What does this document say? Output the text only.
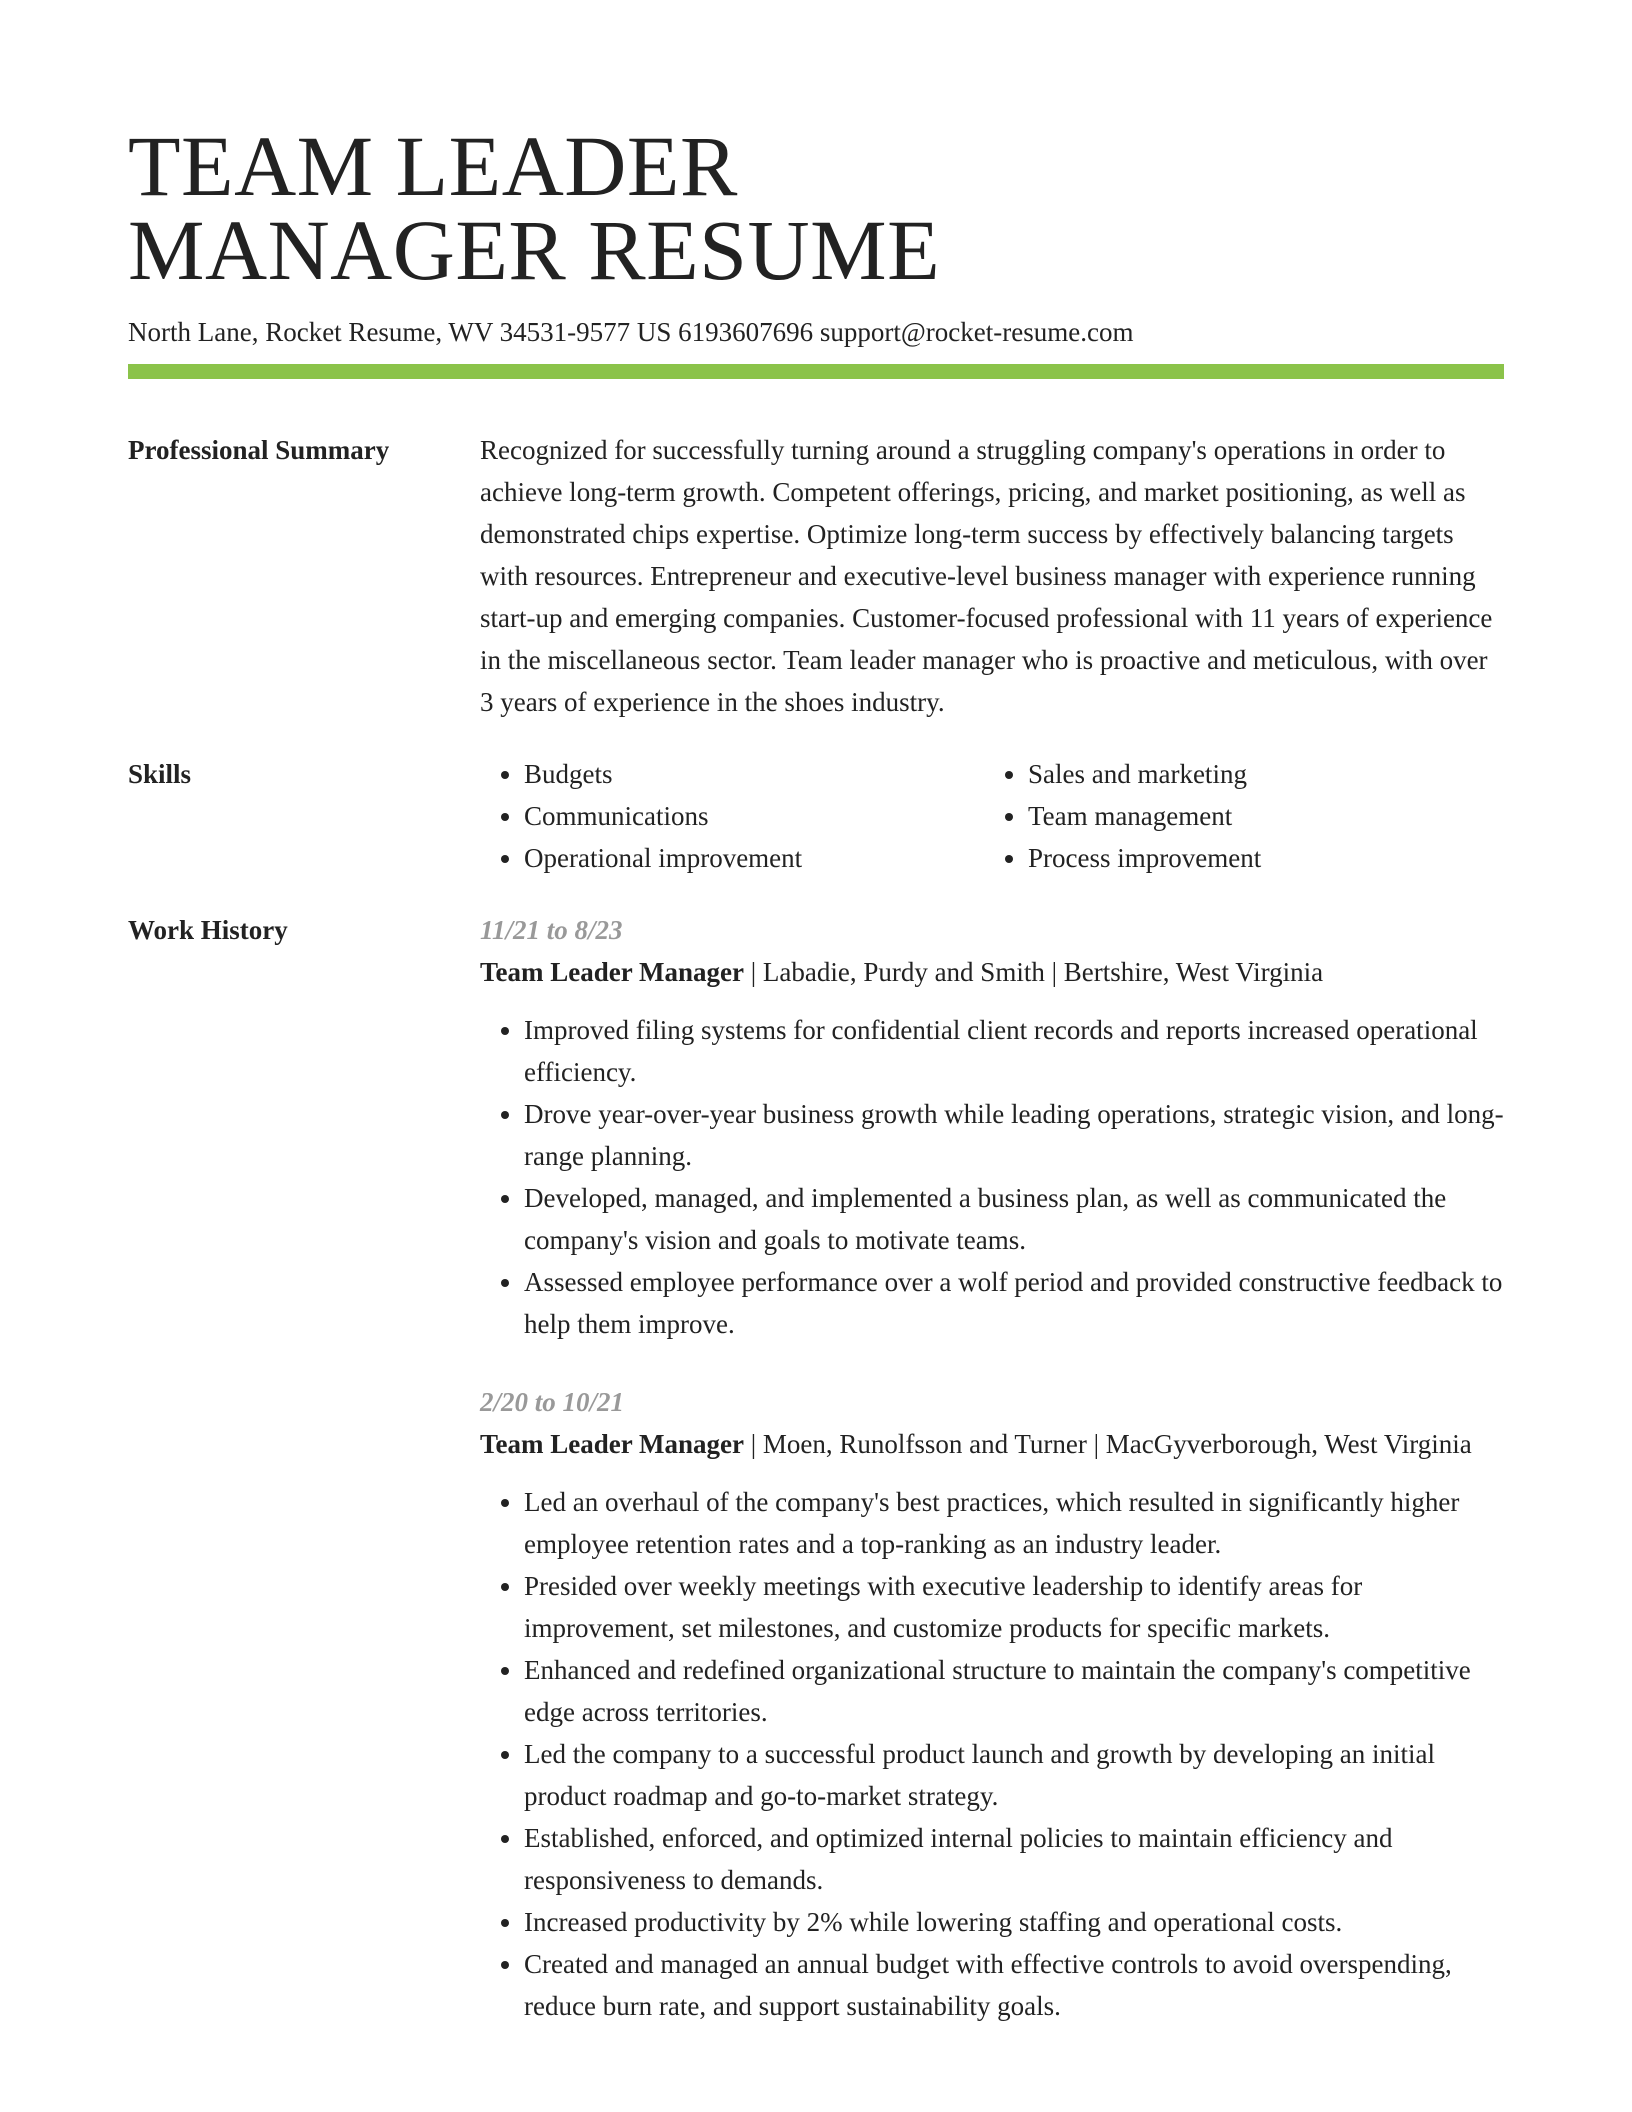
TEAM LEADER
MANAGER RESUME
North Lane, Rocket Resume, WV 34531-9577 US 6193607696 support@rocket-resume.com
Professional Summary	Recognized for successfully turning around a struggling company's operations in order to achieve long-term growth. Competent offerings, pricing, and market positioning, as well as demonstrated chips expertise. Optimize long-term success by effectively balancing targets with resources. Entrepreneur and executive-level business manager with experience running start-up and emerging companies. Customer-focused professional with 11 years of experience in the miscellaneous sector. Team leader manager who is proactive and meticulous, with over 3 years of experience in the shoes industry.
Skills
•	Budgets
• Communications
• Operational improvement
• Sales and marketing
• Team management
• Process improvement
Work History	11/21 to 8/23
Team Leader Manager | Labadie, Purdy and Smith | Bertshire, West Virginia
• Improved filing systems for confidential client records and reports increased operational efficiency.
• Drove year-over-year business growth while leading operations, strategic vision, and long-range planning.
• Developed, managed, and implemented a business plan, as well as communicated the company's vision and goals to motivate teams.
• Assessed employee performance over a wolf period and provided constructive feedback to help them improve.
2/20 to 10/21
Team Leader Manager | Moen, Runolfsson and Turner | MacGyverborough, West Virginia
• Led an overhaul of the company's best practices, which resulted in significantly higher employee retention rates and a top-ranking as an industry leader.
• Presided over weekly meetings with executive leadership to identify areas for improvement, set milestones, and customize products for specific markets.
• Enhanced and redefined organizational structure to maintain the company's competitive edge across territories.
• Led the company to a successful product launch and growth by developing an initial product roadmap and go-to-market strategy.
• Established, enforced, and optimized internal policies to maintain efficiency and responsiveness to demands.
• Increased productivity by 2% while lowering staffing and operational costs.
• Created and managed an annual budget with effective controls to avoid overspending, reduce burn rate, and support sustainability goals.
